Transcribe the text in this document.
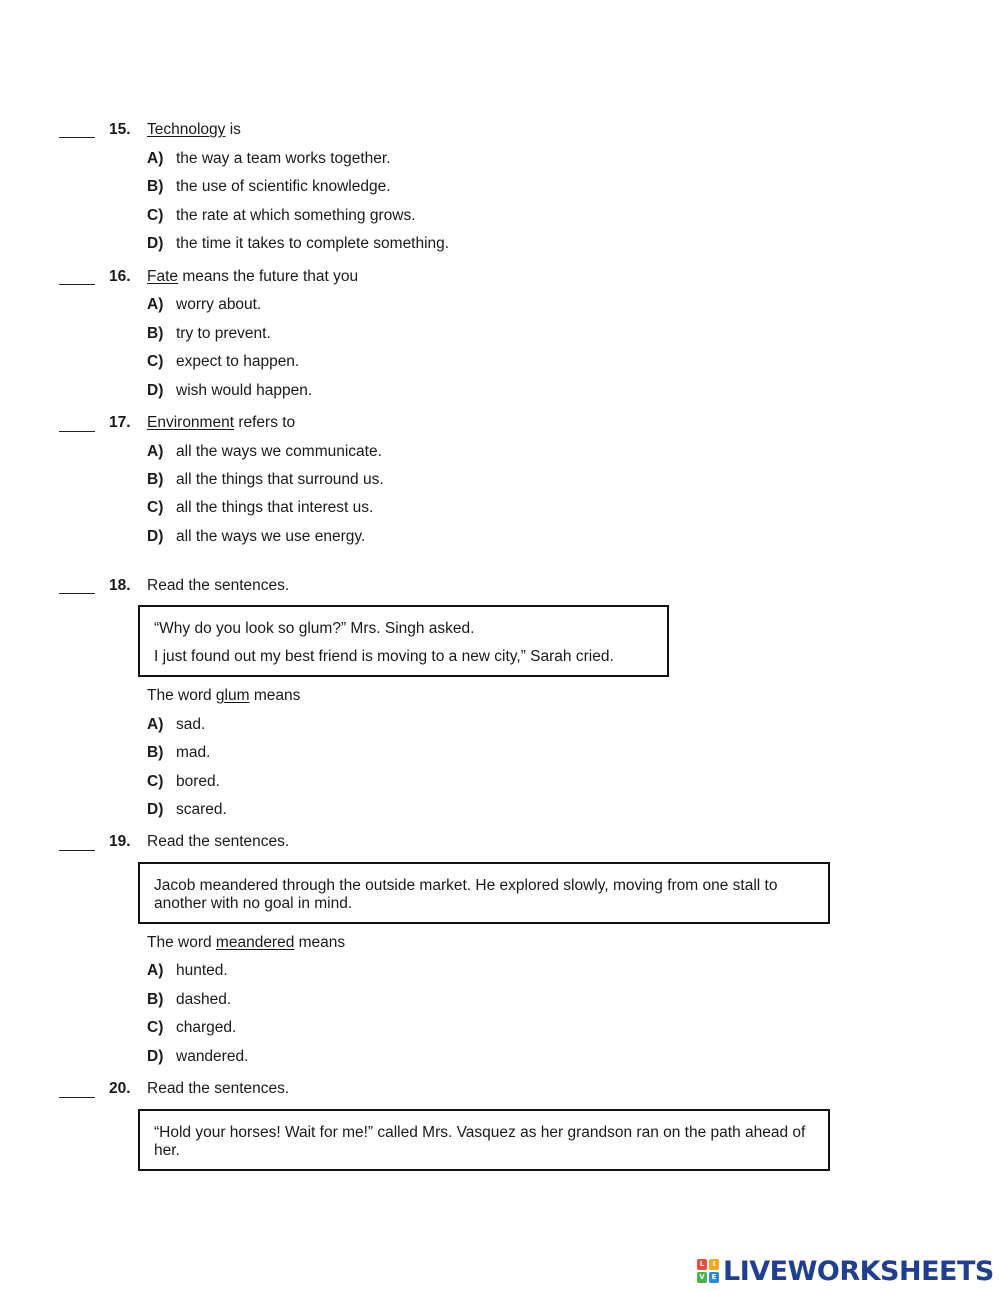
15. Technology is
A) the way a team works together.
B) the use of scientific knowledge.
C) the rate at which something grows.
D) the time it takes to complete something.
16. Fate means the future that you
A) worry about.
B) try to prevent.
C) expect to happen.
D) wish would happen.
17. Environment refers to
A) all the ways we communicate.
B) all the things that surround us.
C) all the things that interest us.
D) all the ways we use energy.
18. Read the sentences.
“Why do you look so glum?” Mrs. Singh asked.
I just found out my best friend is moving to a new city,” Sarah cried.
The word glum means
A) sad.
B) mad.
C) bored.
D) scared.
19. Read the sentences.
Jacob meandered through the outside market. He explored slowly, moving from one stall to another with no goal in mind.
The word meandered means
A) hunted.
B) dashed.
C) charged.
D) wandered.
20. Read the sentences.
“Hold your horses! Wait for me!” called Mrs. Vasquez as her grandson ran on the path ahead of her.
L	I
V E LIVEWORKSHEETS
